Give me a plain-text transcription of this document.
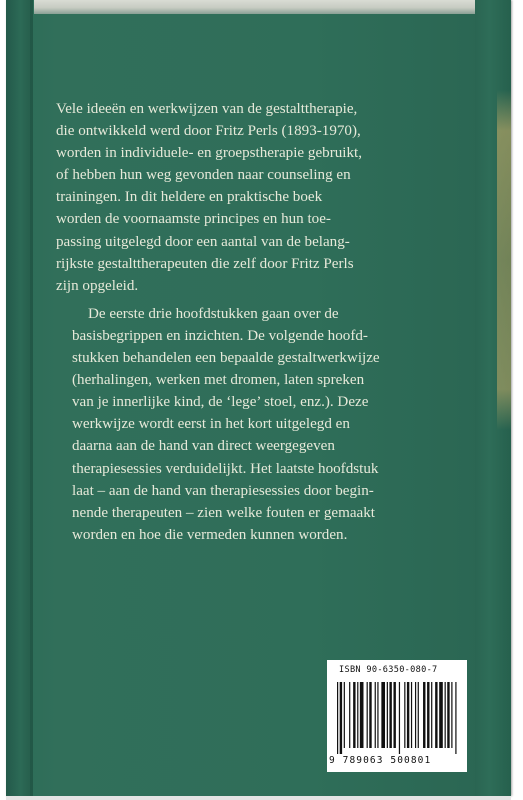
Vele ideeën en werkwijzen van de gestalttherapie,
die ontwikkeld werd door Fritz Perls (1893-1970),
worden in individuele- en groepstherapie gebruikt,
of hebben hun weg gevonden naar counseling en
trainingen. In dit heldere en praktische boek
worden de voornaamste principes en hun toe-
passing uitgelegd door een aantal van de belang-
rijkste gestalttherapeuten die zelf door Fritz Perls
zijn opgeleid.

De eerste drie hoofdstukken gaan over de
basisbegrippen en inzichten. De volgende hoofd-
stukken behandelen een bepaalde gestaltwerkwijze
(herhalingen, werken met dromen, laten spreken
van je innerlijke kind, de ‘lege’ stoel, enz.). Deze
werkwijze wordt eerst in het kort uitgelegd en
daarna aan de hand van direct weergegeven
therapiesessies verduidelijkt. Het laatste hoofdstuk
laat – aan de hand van therapiesessies door begin-
nende therapeuten – zien welke fouten er gemaakt
worden en hoe die vermeden kunnen worden.

ISBN 90-6350-080-7
9 789063 500801
